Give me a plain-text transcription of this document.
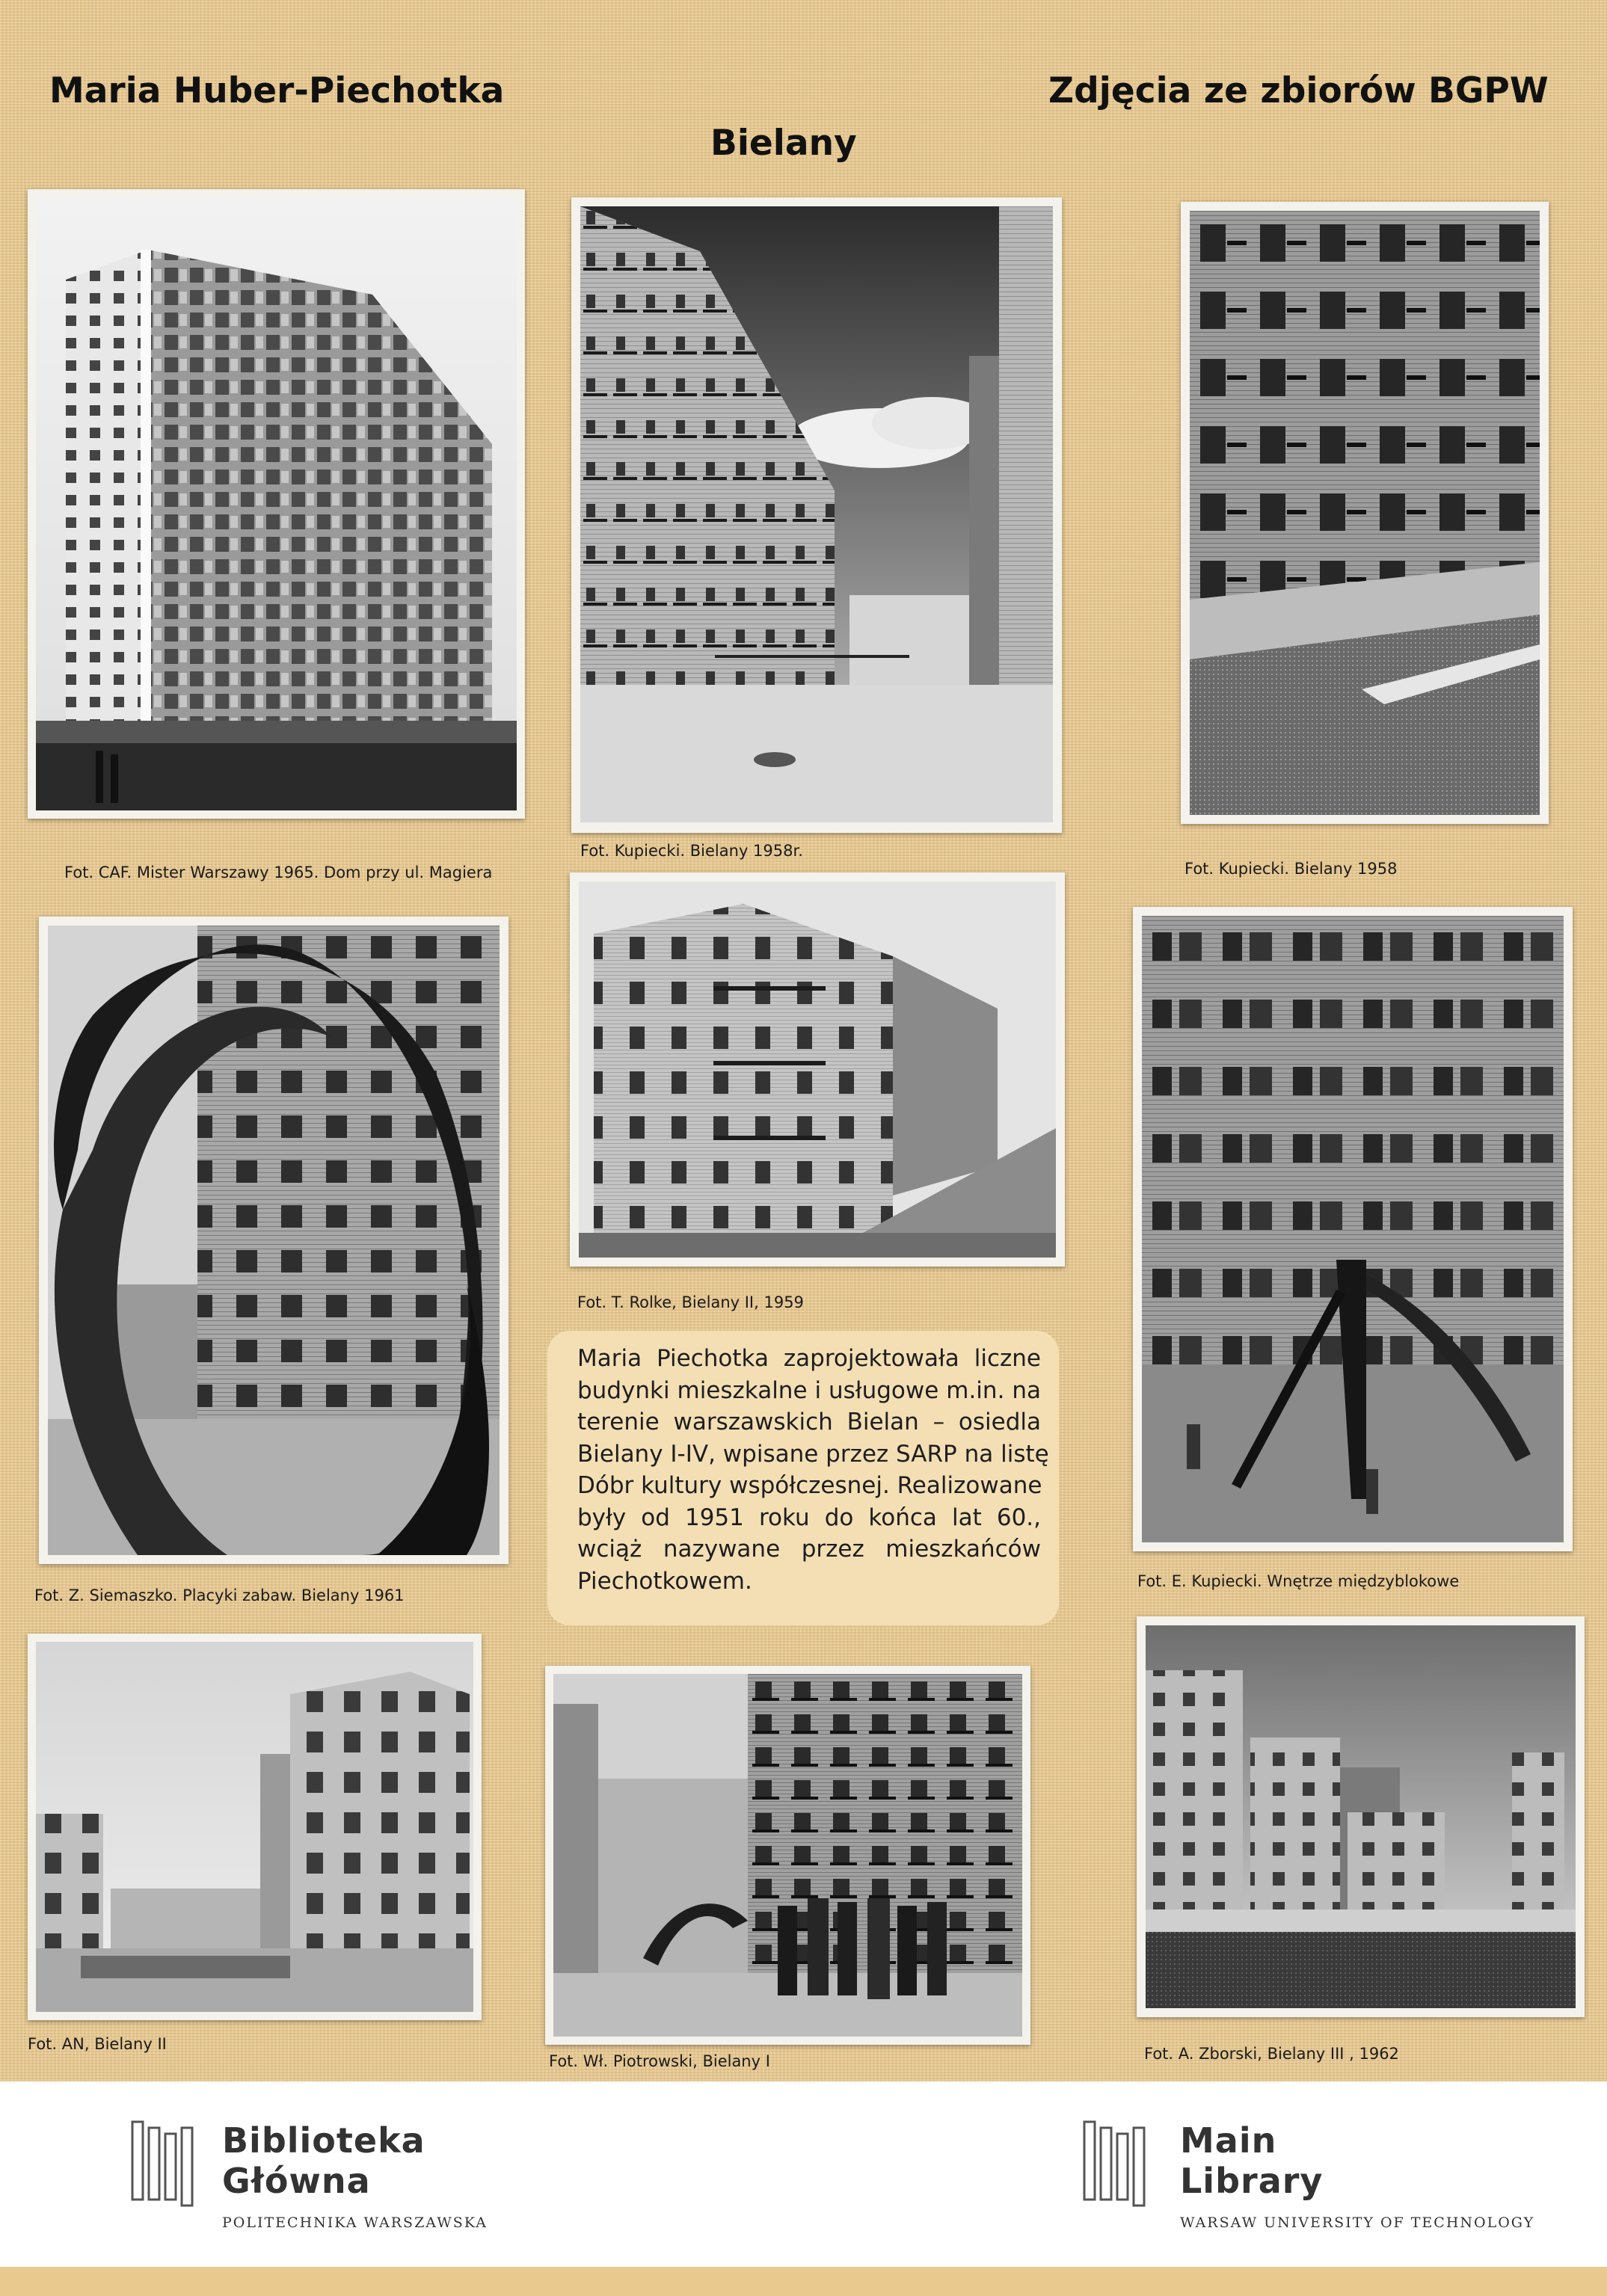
Maria Huber-Piechotka	Zdjęcia ze zbiorów BGPW
Bielany
Fot. CAF. Mister Warszawy 1965. Dom przy ul. Magiera
Fot. Kupiecki. Bielany 1958r.
Fot. Kupiecki. Bielany 1958
Fot. Z. Siemaszko. Placyki zabaw. Bielany 1961
Fot. T. Rolke, Bielany II, 1959
Fot. E. Kupiecki. Wnętrze międzyblokowe
Fot. AN, Bielany II
Fot. Wł. Piotrowski, Bielany I	Fot. A. Zborski, Bielany III , 1962
Maria Piechotka zaprojektowała liczne
budynki mieszkalne i usługowe m.in. na
terenie warszawskich Bielan – osiedla
Bielany I-IV, wpisane przez SARP na listę
Dóbr kultury współczesnej. Realizowane
były od 1951 roku do końca lat 60.,
wciąż nazywane przez mieszkańców
Piechotkowem.
Biblioteka
Główna
POLITECHNIKA WARSZAWSKA
Main
Library
WARSAW UNIVERSITY OF TECHNOLOGY
